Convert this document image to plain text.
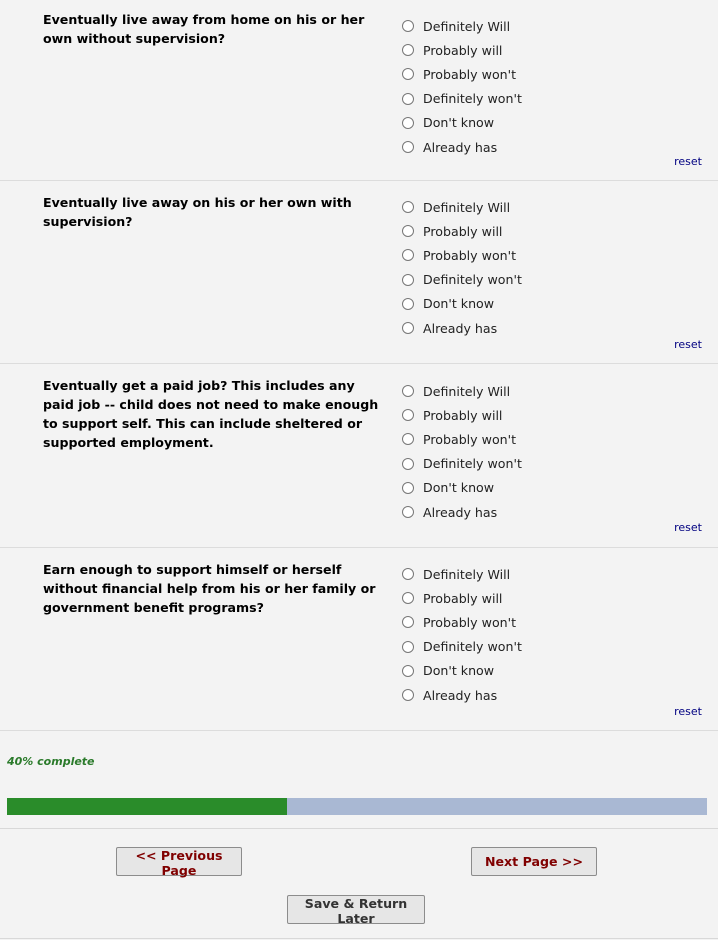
Eventually live away from home on his or her own without supervision?
Definitely Will
Probably will
Probably won't
Definitely won't
Don't know
Already has
reset
Eventually live away on his or her own with supervision?
Definitely Will
Probably will
Probably won't
Definitely won't
Don't know
Already has
reset
Eventually get a paid job? This includes any paid job -- child does not need to make enough to support self. This can include sheltered or supported employment.
Definitely Will
Probably will
Probably won't
Definitely won't
Don't know
Already has
reset
Earn enough to support himself or herself without financial help from his or her family or government benefit programs?
Definitely Will
Probably will
Probably won't
Definitely won't
Don't know
Already has
reset
40% complete
<< Previous Page
Next Page >>
Save & Return Later
